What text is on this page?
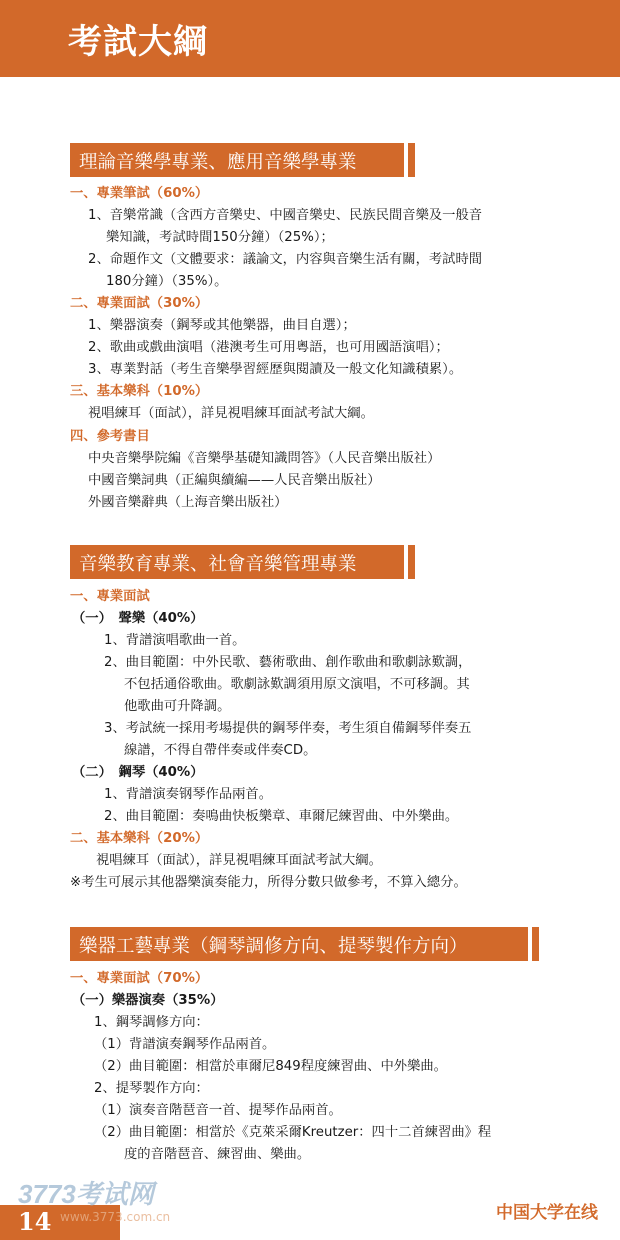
考試大綱
理論音樂學專業、應用音樂學專業
一、專業筆試（60%）
1、音樂常識（含西方音樂史、中國音樂史、民族民間音樂及一般音
樂知識，考試時間150分鐘）（25%）；
2、命題作文（文體要求：議論文，内容與音樂生活有關，考試時間
180分鐘）（35%）。
二、專業面試（30%）
1、樂器演奏（鋼琴或其他樂器，曲目自選）；
2、歌曲或戲曲演唱（港澳考生可用粵語，也可用國語演唱）；
3、專業對話（考生音樂學習經歷與閱讀及一般文化知識積累）。
三、基本樂科（10%）
視唱練耳（面試），詳見視唱練耳面試考試大綱。
四、參考書目
中央音樂學院編《音樂學基礎知識問答》（人民音樂出版社）
中國音樂詞典（正編與續編——人民音樂出版社）
外國音樂辭典（上海音樂出版社）
音樂教育專業、社會音樂管理專業
一、專業面試
（一）　聲樂（40%）
1、背譜演唱歌曲一首。
2、曲目範圍：中外民歌、藝術歌曲、創作歌曲和歌劇詠歎調，
不包括通俗歌曲。歌劇詠歎調須用原文演唱，不可移調。其
他歌曲可升降調。
3、考試統一採用考場提供的鋼琴伴奏，考生須自備鋼琴伴奏五
線譜，不得自帶伴奏或伴奏CD。
（二）　鋼琴（40%）
1、背譜演奏钢琴作品兩首。
2、曲目範圍：奏鳴曲快板樂章、車爾尼練習曲、中外樂曲。
二、基本樂科（20%）
視唱練耳（面試），詳見視唱練耳面試考試大綱。
※考生可展示其他器樂演奏能力，所得分數只做參考，不算入總分。
樂器工藝專業（鋼琴調修方向、提琴製作方向）
一、專業面試（70%）
（一）樂器演奏（35%）
1、鋼琴調修方向：
（1）背譜演奏鋼琴作品兩首。
（2）曲目範圍：相當於車爾尼849程度練習曲、中外樂曲。
2、提琴製作方向：
（1）演奏音階琶音一首、提琴作品兩首。
（2）曲目範圍：相當於《克萊采爾Kreutzer：四十二首練習曲》程
度的音階琶音、練習曲、樂曲。
14
3773考试网
www.3773.com.cn	中国大学在线
